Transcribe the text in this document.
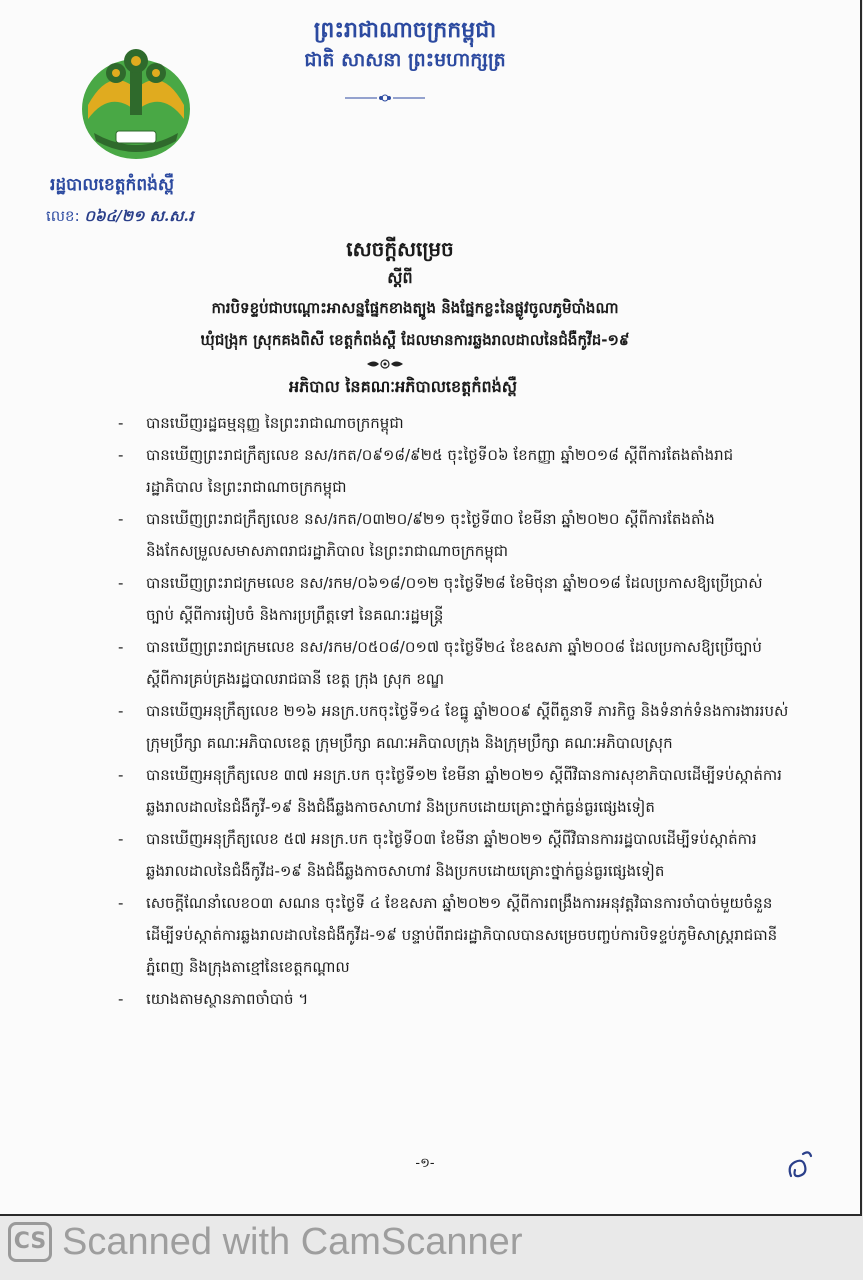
ព្រះរាជាណាចក្រកម្ពុជា
ជាតិ សាសនា ព្រះមហាក្សត្រ
រដ្ឋបាលខេត្តកំពង់ស្ពឺ
លេខ: ០៦៤/២១ ស.ស.រ
សេចក្តីសម្រេច
ស្តីពី
ការបិទខ្ទប់ជាបណ្តោះអាសន្នផ្នែកខាងត្បូង និងផ្នែកខ្លះនៃផ្លូវចូលភូមិបាំងណា
ឃុំជង្រុក ស្រុកគងពិសី ខេត្តកំពង់ស្ពឺ ដែលមានការឆ្លងរាលដាលនៃជំងឺកូវីដ-១៩
អភិបាល នៃគណៈអភិបាលខេត្តកំពង់ស្ពឺ
- បានឃើញរដ្ឋធម្មនុញ្ញ នៃព្រះរាជាណាចក្រកម្ពុជា
- បានឃើញព្រះរាជក្រឹត្យលេខ នស/រកត/០៩១៨/៩២៥ ចុះថ្ងៃទី០៦ ខែកញ្ញា ឆ្នាំ២០១៨ ស្តីពីការតែងតាំងរាជរដ្ឋាភិបាល នៃព្រះរាជាណាចក្រកម្ពុជា
- បានឃើញព្រះរាជក្រឹត្យលេខ នស/រកត/០៣២០/៩២១ ចុះថ្ងៃទី៣០ ខែមីនា ឆ្នាំ២០២០ ស្តីពីការតែងតាំង និងកែសម្រួលសមាសភាពរាជរដ្ឋាភិបាល នៃព្រះរាជាណាចក្រកម្ពុជា
- បានឃើញព្រះរាជក្រមលេខ នស/រកម/០៦១៨/០១២ ចុះថ្ងៃទី២៨ ខែមិថុនា ឆ្នាំ២០១៨ ដែលប្រកាសឱ្យប្រើប្រាស់ច្បាប់ ស្តីពីការរៀបចំ និងការប្រព្រឹត្តទៅ នៃគណៈរដ្ឋមន្ត្រី
- បានឃើញព្រះរាជក្រមលេខ នស/រកម/០៥០៨/០១៧ ចុះថ្ងៃទី២៤ ខែឧសភា ឆ្នាំ២០០៨ ដែលប្រកាសឱ្យប្រើច្បាប់ ស្តីពីការគ្រប់គ្រងរដ្ឋបាលរាជធានី ខេត្ត ក្រុង ស្រុក ខណ្ឌ
- បានឃើញអនុក្រឹត្យលេខ ២១៦ អនក្រ.បកចុះថ្ងៃទី១៤ ខែធ្នូ ឆ្នាំ២០០៩ ស្តីពីតួនាទី ភារកិច្ច និងទំនាក់ទំនងការងាររបស់ក្រុមប្រឹក្សា គណៈអភិបាលខេត្ត ក្រុមប្រឹក្សា គណៈអភិបាលក្រុង និងក្រុមប្រឹក្សា គណៈអភិបាលស្រុក
- បានឃើញអនុក្រឹត្យលេខ ៣៧ អនក្រ.បក ចុះថ្ងៃទី១២ ខែមីនា ឆ្នាំ២០២១ ស្តីពីវិធានការសុខាភិបាលដើម្បីទប់ស្កាត់ការឆ្លងរាលដាលនៃជំងឺកូវី-១៩ និងជំងឺឆ្លងកាចសាហាវ និងប្រកបដោយគ្រោះថ្នាក់ធ្ងន់ធ្ងរផ្សេងទៀត
- បានឃើញអនុក្រឹត្យលេខ ៥៧ អនក្រ.បក ចុះថ្ងៃទី០៣ ខែមីនា ឆ្នាំ២០២១ ស្តីពីវិធានការរដ្ឋបាលដើម្បីទប់ស្កាត់ការឆ្លងរាលដាលនៃជំងឺកូវីដ-១៩ និងជំងឺឆ្លងកាចសាហាវ និងប្រកបដោយគ្រោះថ្នាក់ធ្ងន់ធ្ងរផ្សេងទៀត
- សេចក្តីណែនាំលេខ០៣ សណន ចុះថ្ងៃទី ៤ ខែឧសភា ឆ្នាំ២០២១ ស្តីពីការពង្រឹងការអនុវត្តវិធានការចាំបាច់មួយចំនួន ដើម្បីទប់ស្កាត់ការឆ្លងរាលដាលនៃជំងឺកូវីដ-១៩ បន្ទាប់ពីរាជរដ្ឋាភិបាលបានសម្រេចបញ្ចប់ការបិទខ្ទប់ភូមិសាស្ត្ររាជធានីភ្នំពេញ និងក្រុងតាខ្មៅនៃខេត្តកណ្តាល
- យោងតាមស្ថានភាពចាំបាច់ ។
-១-
CS Scanned with CamScanner
